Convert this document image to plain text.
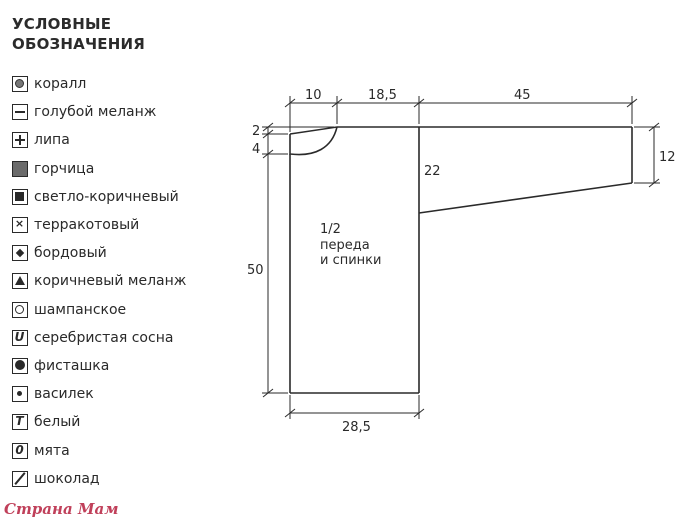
УСЛОВНЫЕ
ОБОЗНАЧЕНИЯ
коралл
голубой меланж
липа
горчица
светло-коричневый
× терракотовый
бордовый
коричневый меланж
шампанское
U серебристая сосна
фисташка
василек
T белый
0 мята
шоколад
10	18,5	45
2
4
50
22
12
28,5
1/2
переда
и спинки
Страна Мам
